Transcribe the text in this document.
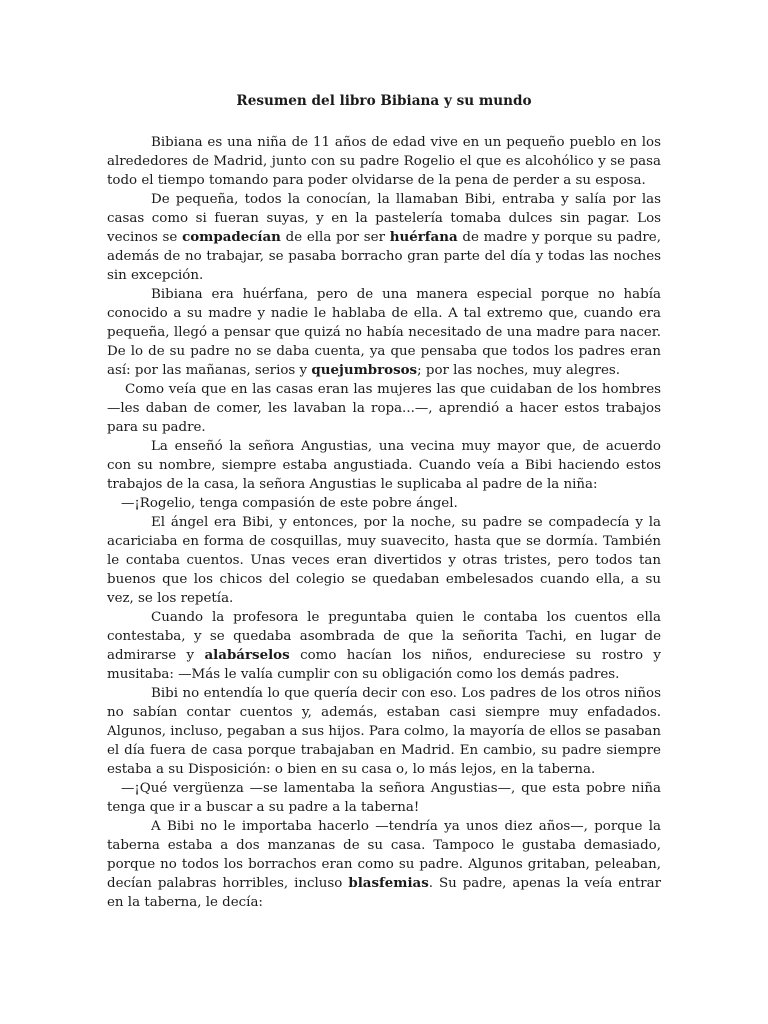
Resumen del libro Bibiana y su mundo

Bibiana es una niña de 11 años de edad vive en un pequeño pueblo en los alrededores de Madrid, junto con su padre Rogelio el que es alcohólico y se pasa todo el tiempo tomando para poder olvidarse de la pena de perder a su esposa.

De pequeña, todos la conocían, la llamaban Bibi, entraba y salía por las casas como si fueran suyas, y en la pastelería tomaba dulces sin pagar. Los vecinos se compadecían de ella por ser huérfana de madre y porque su padre, además de no trabajar, se pasaba borracho gran parte del día y todas las noches sin excepción.

Bibiana era huérfana, pero de una manera especial porque no había conocido a su madre y nadie le hablaba de ella. A tal extremo que, cuando era pequeña, llegó a pensar que quizá no había necesitado de una madre para nacer. De lo de su padre no se daba cuenta, ya que pensaba que todos los padres eran así: por las mañanas, serios y quejumbrosos; por las noches, muy alegres.

Como veía que en las casas eran las mujeres las que cuidaban de los hombres —les daban de comer, les lavaban la ropa...—, aprendió a hacer estos trabajos para su padre.

La enseñó la señora Angustias, una vecina muy mayor que, de acuerdo con su nombre, siempre estaba angustiada. Cuando veía a Bibi haciendo estos trabajos de la casa, la señora Angustias le suplicaba al padre de la niña:

—¡Rogelio, tenga compasión de este pobre ángel.

El ángel era Bibi, y entonces, por la noche, su padre se compadecía y la acariciaba en forma de cosquillas, muy suavecito, hasta que se dormía. También le contaba cuentos. Unas veces eran divertidos y otras tristes, pero todos tan buenos que los chicos del colegio se quedaban embelesados cuando ella, a su vez, se los repetía.

Cuando la profesora le preguntaba quien le contaba los cuentos ella contestaba, y se quedaba asombrada de que la señorita Tachi, en lugar de admirarse y alabárselos como hacían los niños, endureciese su rostro y musitaba: —Más le valía cumplir con su obligación como los demás padres.

Bibi no entendía lo que quería decir con eso. Los padres de los otros niños no sabían contar cuentos y, además, estaban casi siempre muy enfadados. Algunos, incluso, pegaban a sus hijos. Para colmo, la mayoría de ellos se pasaban el día fuera de casa porque trabajaban en Madrid. En cambio, su padre siempre estaba a su Disposición: o bien en su casa o, lo más lejos, en la taberna.

—¡Qué vergüenza —se lamentaba la señora Angustias—, que esta pobre niña tenga que ir a buscar a su padre a la taberna!

A Bibi no le importaba hacerlo —tendría ya unos diez años—, porque la taberna estaba a dos manzanas de su casa. Tampoco le gustaba demasiado, porque no todos los borrachos eran como su padre. Algunos gritaban, peleaban, decían palabras horribles, incluso blasfemias. Su padre, apenas la veía entrar en la taberna, le decía:
